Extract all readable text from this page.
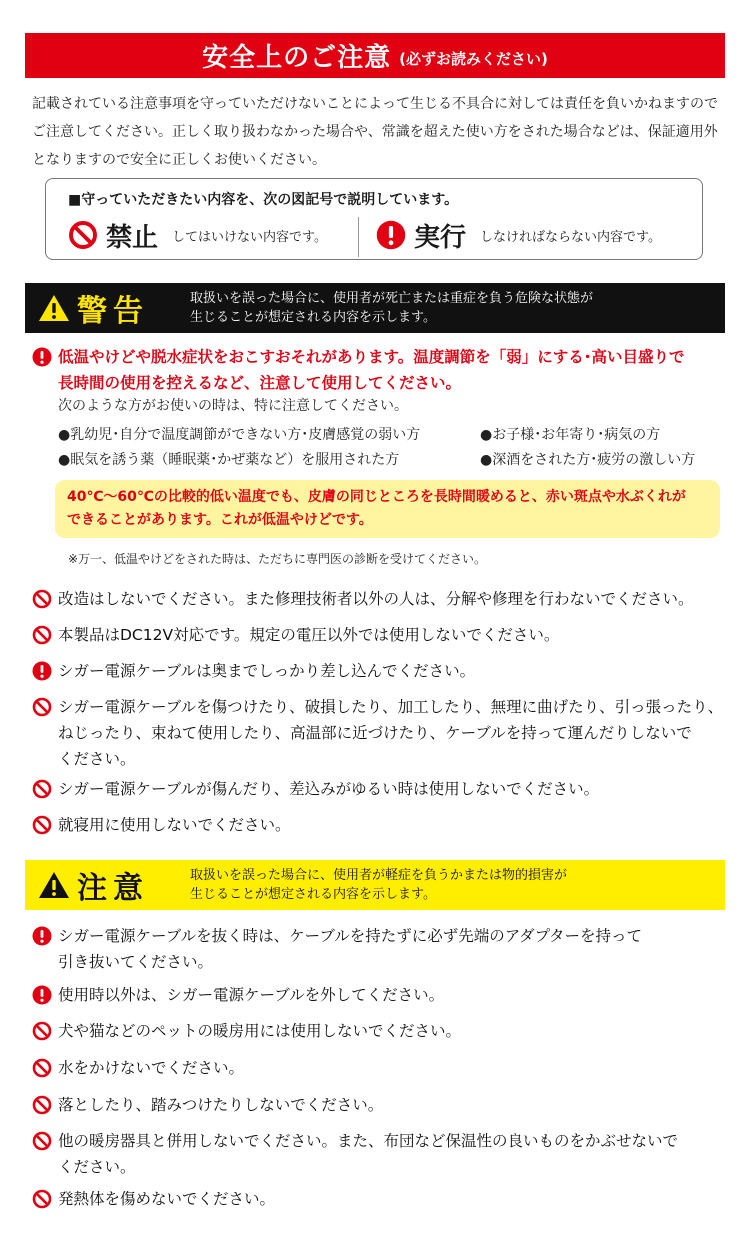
安全上のご注意 (必ずお読みください)
記載されている注意事項を守っていただけないことによって生じる不具合に対しては責任を負いかねますのでご注意してください。正しく取り扱わなかった場合や、常識を超えた使い方をされた場合などは、保証適用外となりますので安全に正しくお使いください。
■守っていただきたい内容を、次の図記号で説明しています。
禁止 してはいけない内容です。	実行 しなければならない内容です。
警告	取扱いを誤った場合に、使用者が死亡または重症を負う危険な状態が
生じることが想定される内容を示します。
低温やけどや脱水症状をおこすおそれがあります。温度調節を「弱」にする･高い目盛りで
長時間の使用を控えるなど、注意して使用してください。
次のような方がお使いの時は、特に注意してください。
●乳幼児･自分で温度調節ができない方･皮膚感覚の弱い方	●お子様･お年寄り･病気の方
●眠気を誘う薬（睡眠薬･かぜ薬など）を服用された方	●深酒をされた方･疲労の激しい方
40℃～60℃の比較的低い温度でも、皮膚の同じところを長時間暖めると、赤い斑点や水ぶくれが
できることがあります。これが低温やけどです。
※万一、低温やけどをされた時は、ただちに専門医の診断を受けてください。
改造はしないでください。また修理技術者以外の人は、分解や修理を行わないでください。
本製品はDC12V対応です。規定の電圧以外では使用しないでください。
シガー電源ケーブルは奥までしっかり差し込んでください。
シガー電源ケーブルを傷つけたり、破損したり、加工したり、無理に曲げたり、引っ張ったり、
ねじったり、束ねて使用したり、高温部に近づけたり、ケーブルを持って運んだりしないで
ください。
シガー電源ケーブルが傷んだり、差込みがゆるい時は使用しないでください。
就寝用に使用しないでください。
注意	取扱いを誤った場合に、使用者が軽症を負うかまたは物的損害が
生じることが想定される内容を示します。
シガー電源ケーブルを抜く時は、ケーブルを持たずに必ず先端のアダプターを持って
引き抜いてください。
使用時以外は、シガー電源ケーブルを外してください。
犬や猫などのペットの暖房用には使用しないでください。
水をかけないでください。
落としたり、踏みつけたりしないでください。
他の暖房器具と併用しないでください。また、布団など保温性の良いものをかぶせないで
ください。
発熱体を傷めないでください。
